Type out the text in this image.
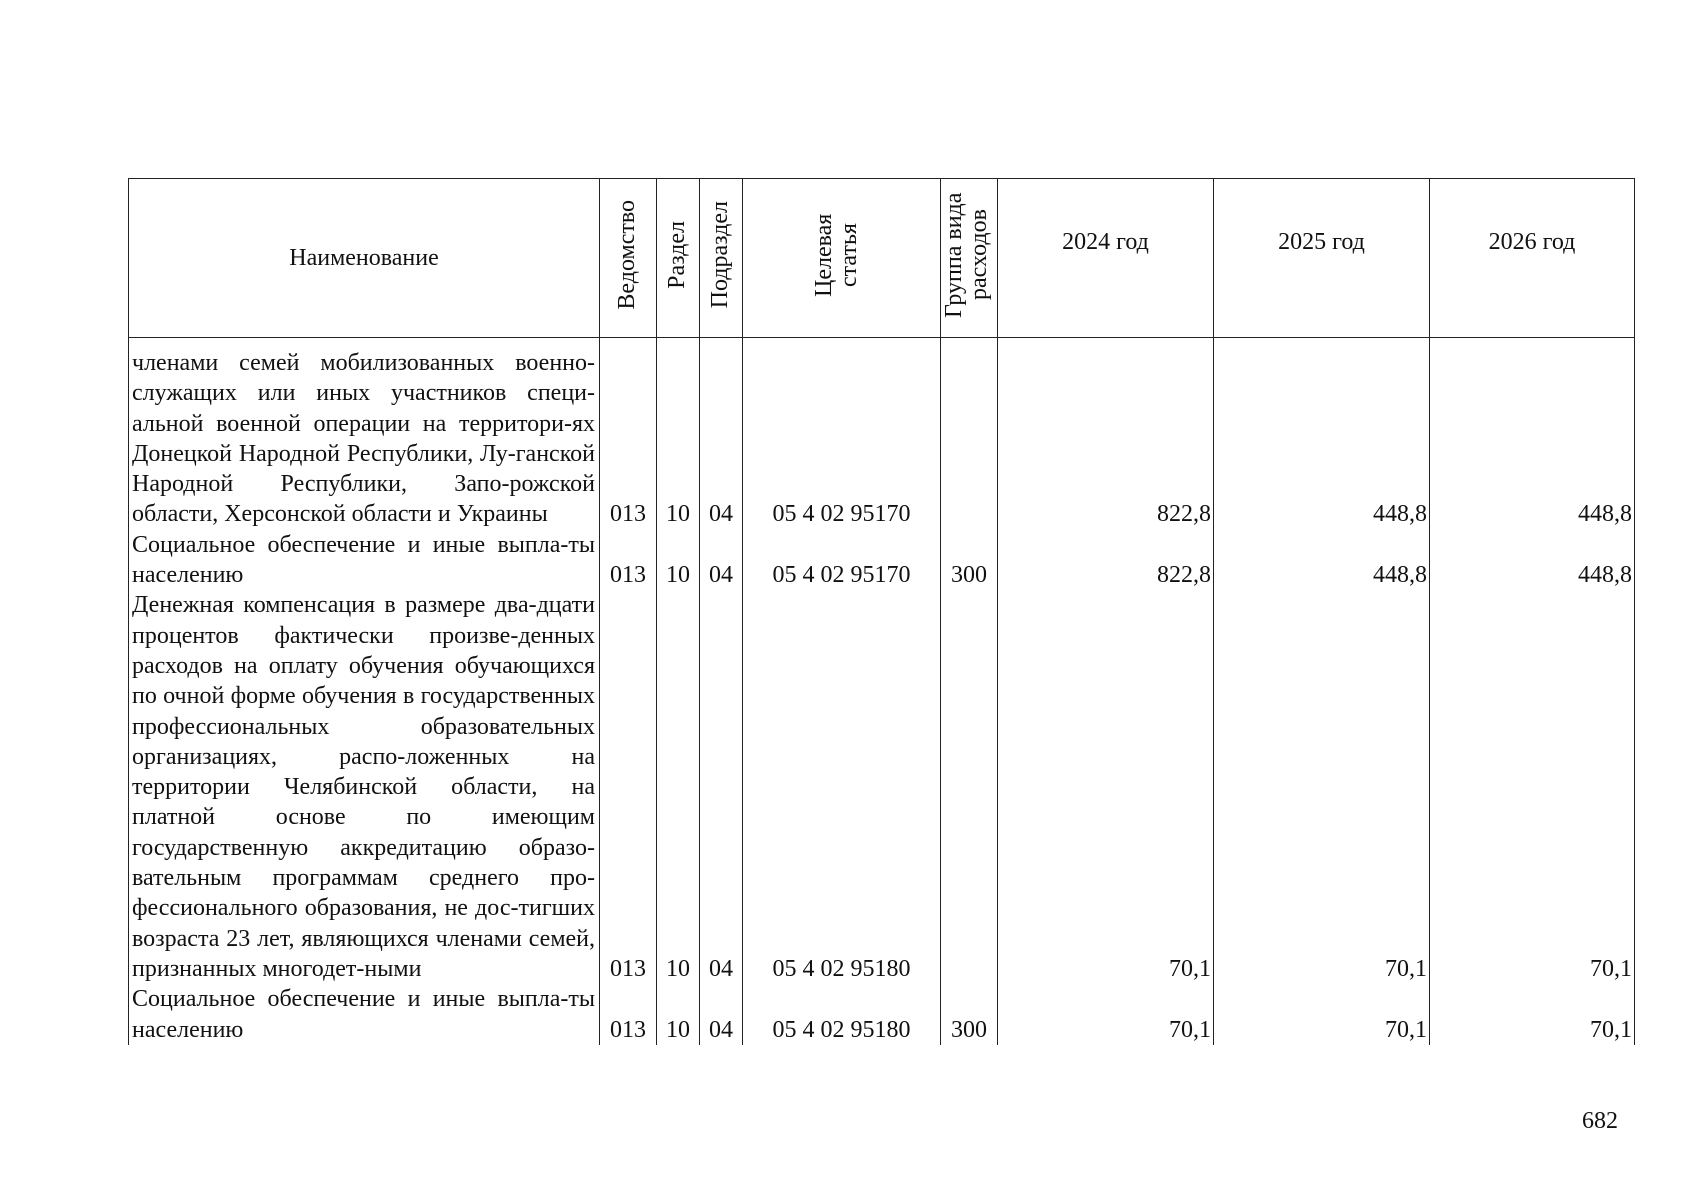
Наименование	Ведомство	Раздел	Подраздел	Целевая статья	Группа вида расходов	2024 год	2025 год	2026 год
членами семей мобилизованных военно-служащих или иных участников специ-альной военной операции на территори-ях Донецкой Народной Республики, Лу-ганской Народной Республики, Запо-рожской области, Херсонской области и Украины	013	10	04	05 4 02 95170		822,8	448,8	448,8
Социальное обеспечение и иные выпла-ты населению	013	10	04	05 4 02 95170	300	822,8	448,8	448,8
Денежная компенсация в размере два-дцати процентов фактически произве-денных расходов на оплату обучения обучающихся по очной форме обучения в государственных профессиональных образовательных организациях, распо-ложенных на территории Челябинской области, на платной основе по имеющим государственную аккредитацию образо-вательным программам среднего про-фессионального образования, не дос-тигших возраста 23 лет, являющихся членами семей, признанных многодет-ными	013	10	04	05 4 02 95180		70,1	70,1	70,1
Социальное обеспечение и иные выпла-ты населению	013	10	04	05 4 02 95180	300	70,1	70,1	70,1
682
